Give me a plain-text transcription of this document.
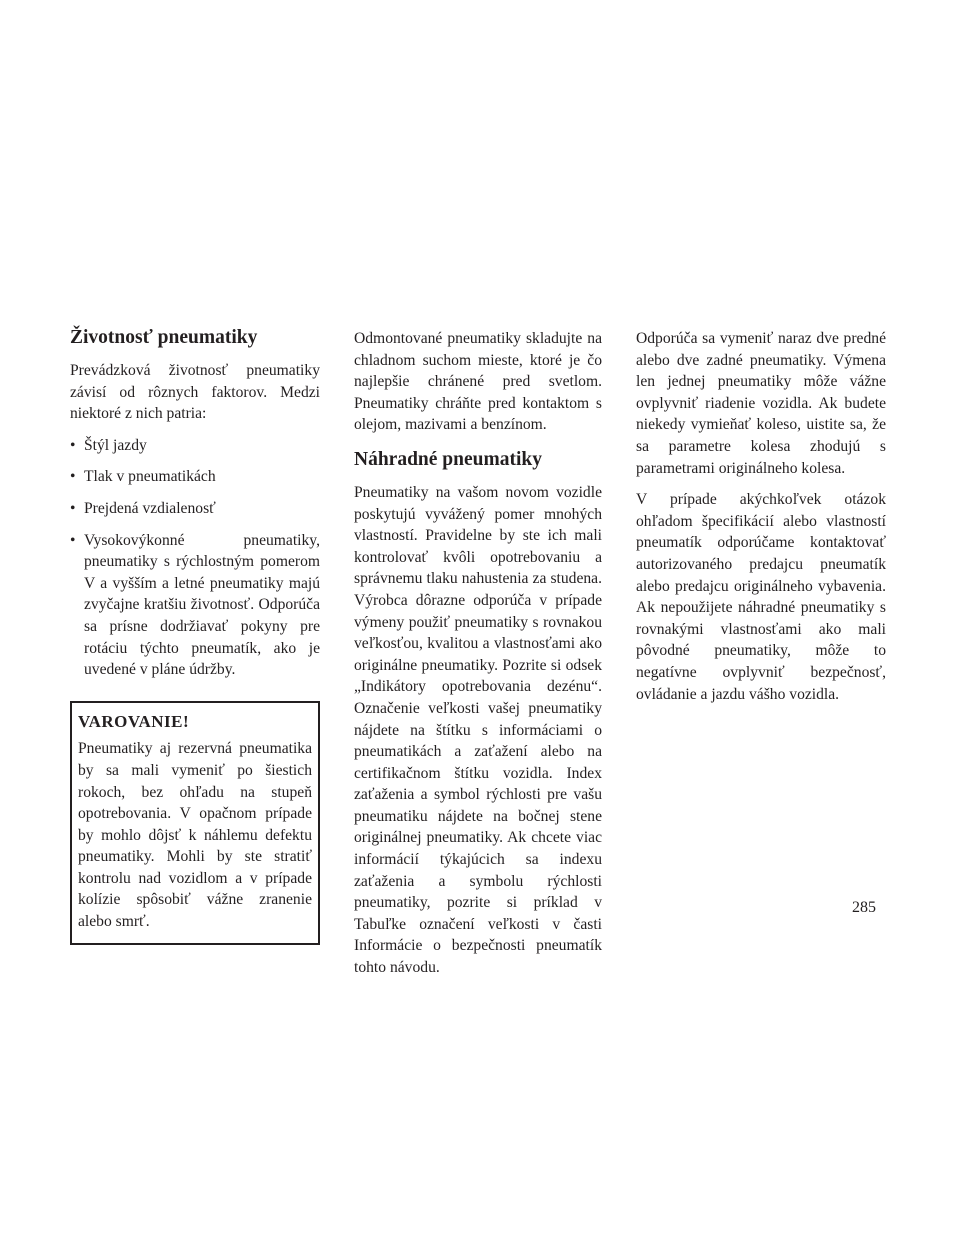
Životnosť pneumatiky

Prevádzková životnosť pneumatiky závisí od rôznych faktorov. Medzi niektoré z nich patria:

• Štýl jazdy
• Tlak v pneumatikách
• Prejdená vzdialenosť
• Vysokovýkonné pneumatiky, pneumatiky s rýchlostným pomerom V a vyšším a letné pneumatiky majú zvyčajne kratšiu životnosť. Odporúča sa prísne dodržiavať pokyny pre rotáciu týchto pneumatík, ako je uvedené v pláne údržby.
VAROVANIE!

Pneumatiky aj rezervná pneumatika by sa mali vymeniť po šiestich rokoch, bez ohľadu na stupeň opotrebovania. V opačnom prípade by mohlo dôjsť k náhlemu defektu pneumatiky. Mohli by ste stratiť kontrolu nad vozidlom a v prípade kolízie spôsobiť vážne zranenie alebo smrť.

Odmontované pneumatiky skladujte na chladnom suchom mieste, ktoré je čo najlepšie chránené pred svetlom. Pneumatiky chráňte pred kontaktom s olejom, mazivami a benzínom.

Náhradné pneumatiky

Pneumatiky na vašom novom vozidle poskytujú vyvážený pomer mnohých vlastností. Pravidelne by ste ich mali kontrolovať kvôli opotrebovaniu a správnemu tlaku nahustenia za studena. Výrobca dôrazne odporúča v prípade výmeny použiť pneumatiky s rovnakou veľkosťou, kvalitou a vlastnosťami ako originálne pneumatiky. Pozrite si odsek „Indikátory opotrebovania dezénu“. Označenie veľkosti vašej pneumatiky nájdete na štítku s informáciami o pneumatikách a zaťažení alebo na certifikačnom štítku vozidla. Index zaťaženia a symbol rýchlosti pre vašu pneumatiku nájdete na bočnej stene originálnej pneumatiky. Ak chcete viac informácií týkajúcich sa indexu zaťaženia a symbolu rýchlosti pneumatiky, pozrite si príklad v Tabuľke označení veľkosti v časti Informácie o bezpečnosti pneumatík tohto návodu.

Odporúča sa vymeniť naraz dve predné alebo dve zadné pneumatiky. Výmena len jednej pneumatiky môže vážne ovplyvniť riadenie vozidla. Ak budete niekedy vymieňať koleso, uistite sa, že sa parametre kolesa zhodujú s parametrami originálneho kolesa.

V prípade akýchkoľvek otázok ohľadom špecifikácií alebo vlastností pneumatík odporúčame kontaktovať autorizovaného predajcu pneumatík alebo predajcu originálneho vybavenia. Ak nepoužijete náhradné pneumatiky s rovnakými vlastnosťami ako mali pôvodné pneumatiky, môže to negatívne ovplyvniť bezpečnosť, ovládanie a jazdu vášho vozidla.

285
